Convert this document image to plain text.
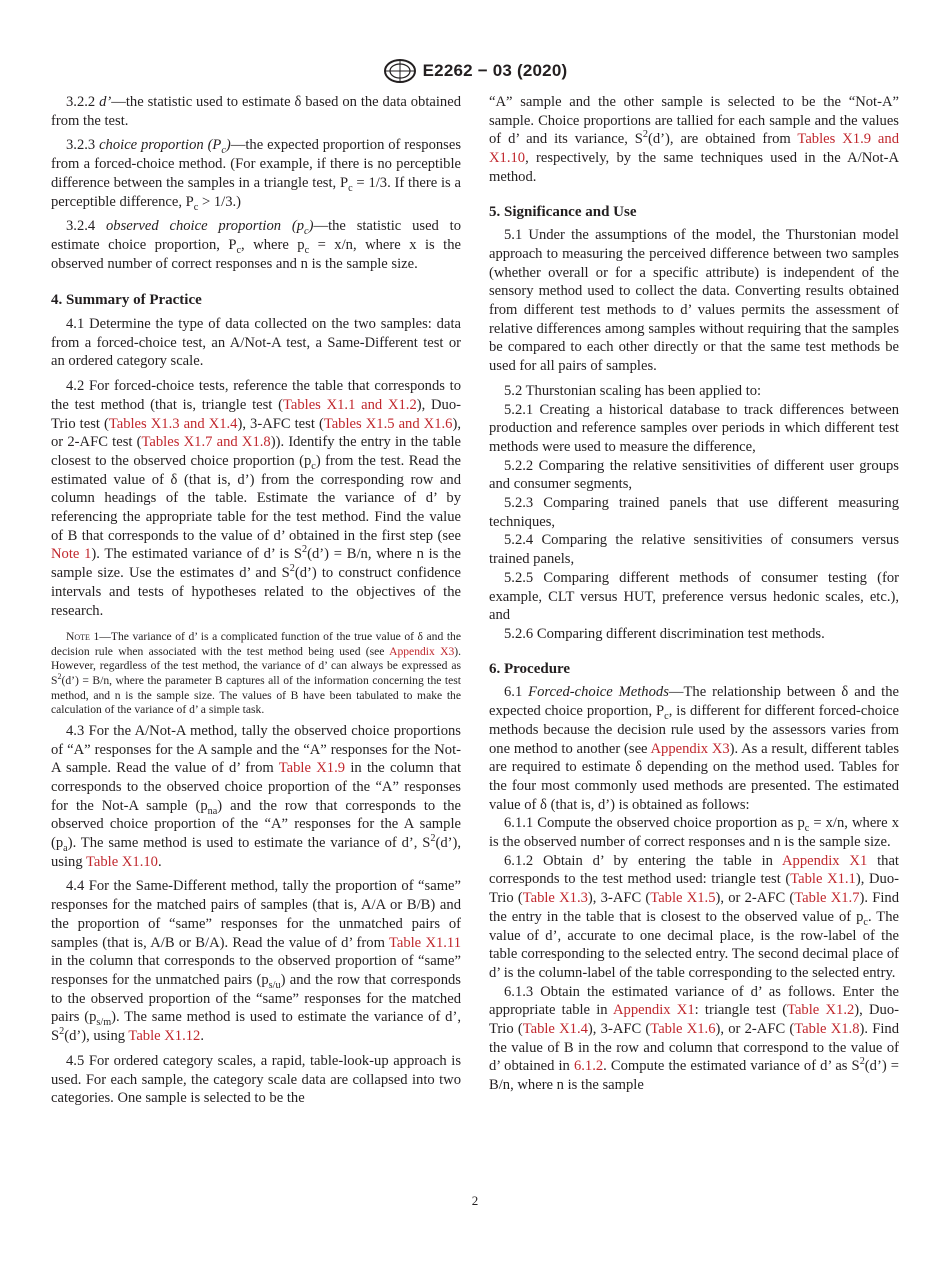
E2262 − 03 (2020)

3.2.2 d’—the statistic used to estimate δ based on the data obtained from the test.

3.2.3 choice proportion $(P_c)—the$ expected proportion of responses from a forced-choice method. (For example, if there is no perceptible difference between the samples in a triangle test, $P_c = 1/3$. If there is a perceptible difference, $P_c > 1/3$.)

3.2.4 observed choice proportion $(p_c)—the$ statistic used to estimate choice proportion, $P_c$, where $p_c = x/n$, where x is the observed number of correct responses and n is the sample size.

4. Summary of Practice

4.1 Determine the type of data collected on the two samples: data from a forced-choice test, an A/Not-A test, a Same-Different test or an ordered category scale.

4.2 For forced-choice tests, reference the table that corresponds to the test method (that is, triangle test (Tables X1.1 and X1.2), Duo-Trio test (Tables X1.3 and X1.4), 3-AFC test (Tables X1.5 and X1.6), or 2-AFC test (Tables X1.7 and X1.8)). Identify the entry in the table closest to the observed choice proportion $(p_c)$ from the test. Read the estimated value of δ (that is, d’) from the corresponding row and column headings of the table. Estimate the variance of d’ by referencing the appropriate table for the test method. Find the value of B that corresponds to the value of d’ obtained in the first step (see Note 1). The estimated variance of d’ is $S^2(d’) = B/n$, where n is the sample size. Use the estimates d’ and $S^2(d’)$ to construct confidence intervals and tests of hypotheses related to the objectives of the research.

Note 1—The variance of d’ is a complicated function of the true value of δ and the decision rule when associated with the test method being used (see Appendix X3). However, regardless of the test method, the variance of d’ can always be expressed as $S^2(d’) = B/n$, where the parameter B captures all of the information concerning the test method, and n is the sample size. The values of B have been tabulated to make the calculation of the variance of d’ a simple task.

4.3 For the A/Not-A method, tally the observed choice proportions of “A” responses for the A sample and the “A” responses for the Not-A sample. Read the value of d’ from Table X1.9 in the column that corresponds to the observed choice proportion of the “A” responses for the Not-A sample $(p_{na})$ and the row that corresponds to the observed choice proportion of the “A” responses for the A sample $(p_a)$. The same method is used to estimate the variance of d’, $S^2(d’)$, using Table X1.10.

4.4 For the Same-Different method, tally the proportion of “same” responses for the matched pairs of samples (that is, A/A or B/B) and the proportion of “same” responses for the unmatched pairs of samples (that is, A/B or B/A). Read the value of d’ from Table X1.11 in the column that corresponds to the observed proportion of “same” responses for the unmatched pairs $(p_{s/u})$ and the row that corresponds to the observed proportion of the “same” responses for the matched pairs $(p_{s/m})$. The same method is used to estimate the variance of d’, $S^2(d’)$, using Table X1.12.

4.5 For ordered category scales, a rapid, table-look-up approach is used. For each sample, the category scale data are collapsed into two categories. One sample is selected to be the

“A” sample and the other sample is selected to be the “Not-A” sample. Choice proportions are tallied for each sample and the values of d’ and its variance, $S^2(d’)$, are obtained from Tables X1.9 and X1.10, respectively, by the same techniques used in the A/Not-A method.

5. Significance and Use

5.1 Under the assumptions of the model, the Thurstonian model approach to measuring the perceived difference between two samples (whether overall or for a specific attribute) is independent of the sensory method used to collect the data. Converting results obtained from different test methods to d’ values permits the assessment of relative differences among samples without requiring that the samples be compared to each other directly or that the same test methods be used for all pairs of samples.

5.2 Thurstonian scaling has been applied to:

5.2.1 Creating a historical database to track differences between production and reference samples over periods in which different test methods were used to measure the difference,

5.2.2 Comparing the relative sensitivities of different user groups and consumer segments,

5.2.3 Comparing trained panels that use different measuring techniques,

5.2.4 Comparing the relative sensitivities of consumers versus trained panels,

5.2.5 Comparing different methods of consumer testing (for example, CLT versus HUT, preference versus hedonic scales, etc.), and

5.2.6 Comparing different discrimination test methods.

6. Procedure

6.1 Forced-choice Methods—The relationship between δ and the expected choice proportion, $P_c$, is different for different forced-choice methods because the decision rule used by the assessors varies from one method to another (see Appendix X3). As a result, different tables are required to estimate δ depending on the method used. Tables for the four most commonly used methods are presented. The estimated value of δ (that is, d’) is obtained as follows:

6.1.1 Compute the observed choice proportion as $p_c = x/n$, where x is the observed number of correct responses and n is the sample size.

6.1.2 Obtain d’ by entering the table in Appendix X1 that corresponds to the test method used: triangle test (Table X1.1), Duo-Trio (Table X1.3), 3-AFC (Table X1.5), or 2-AFC (Table X1.7). Find the entry in the table that is closest to the observed value of $p_c$. The value of d’, accurate to one decimal place, is the row-label of the table corresponding to the selected entry. The second decimal place of d’ is the column-label of the table corresponding to the selected entry.

6.1.3 Obtain the estimated variance of d’ as follows. Enter the appropriate table in Appendix X1: triangle test (Table X1.2), Duo-Trio (Table X1.4), 3-AFC (Table X1.6), or 2-AFC (Table X1.8). Find the value of B in the row and column that correspond to the value of d’ obtained in 6.1.2. Compute the estimated variance of d’ as $S^2(d’) = B/n$, where n is the sample

2
